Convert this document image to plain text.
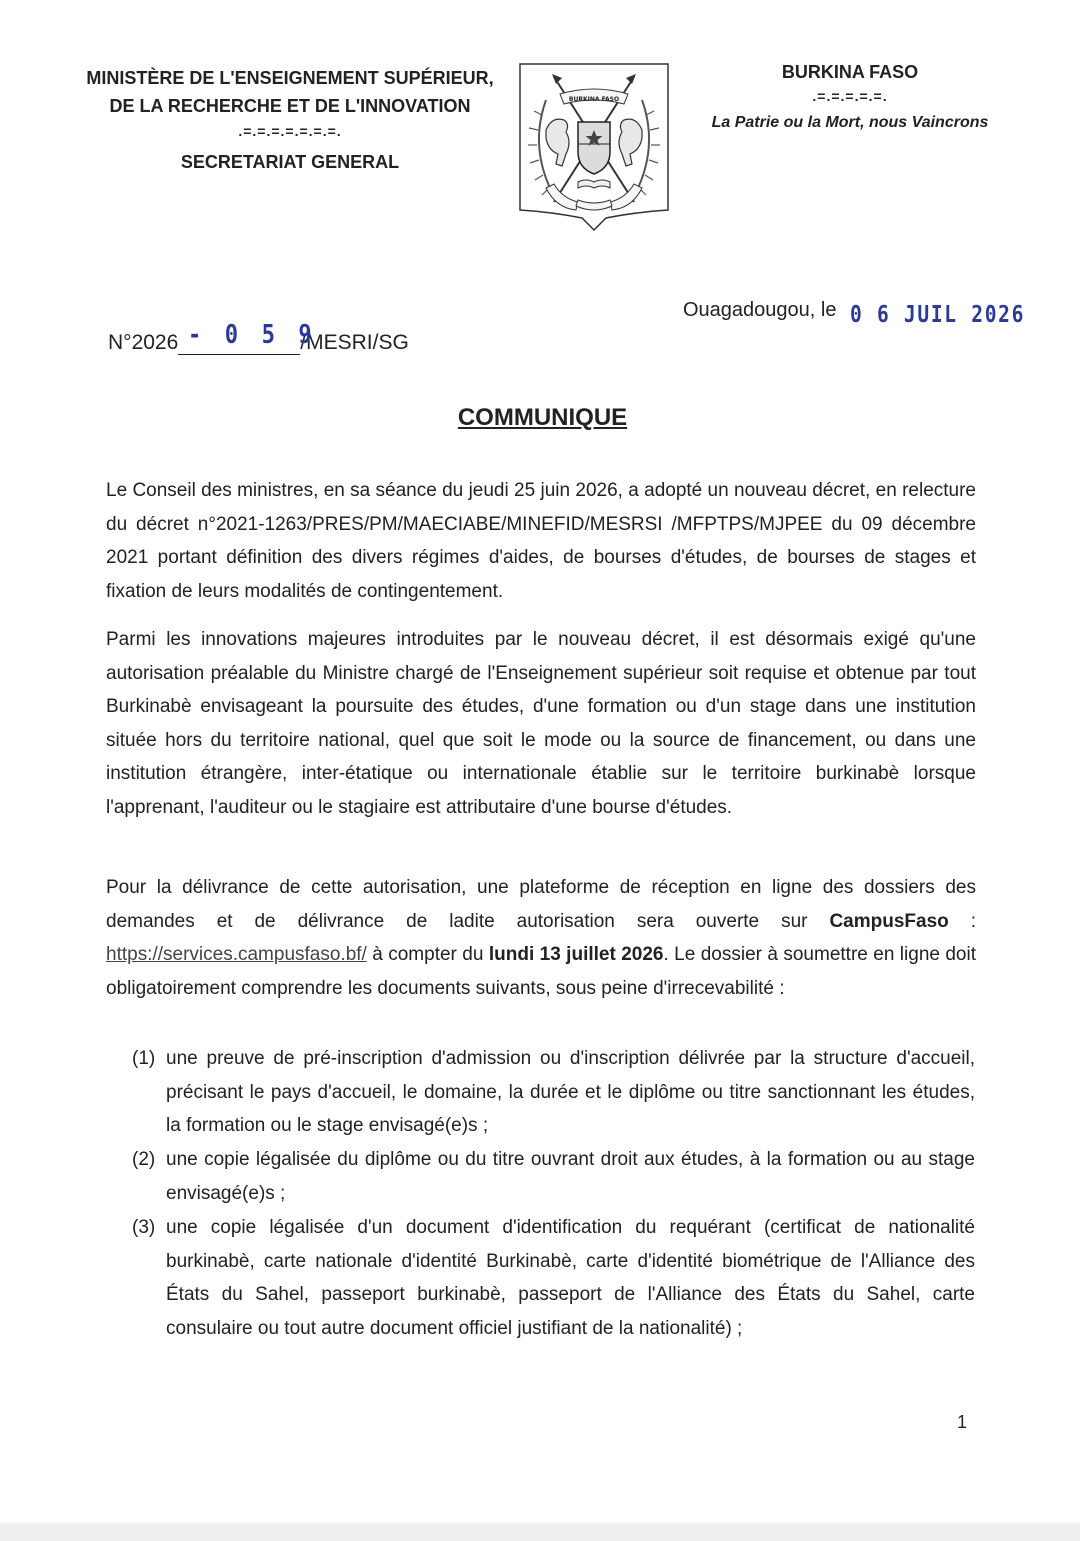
MINISTÈRE DE L'ENSEIGNEMENT SUPÉRIEUR,
DE LA RECHERCHE ET DE L'INNOVATION
.=.=.=.=.=.=.=.
SECRETARIAT GENERAL
BURKINA FASO
BURKINA FASO
.=.=.=.=.=.
La Patrie ou la Mort, nous Vaincrons
Ouagadougou, le 0 6 JUIL 2026
N°2026 - 0 5 9
/MESRI/SG
COMMUNIQUE
Le Conseil des ministres, en sa séance du jeudi 25 juin 2026, a adopté un nouveau décret, en relecture du décret n°2021-1263/PRES/PM/MAECIABE/MINEFID/MESRSI /MFPTPS/MJPEE du 09 décembre 2021 portant définition des divers régimes d'aides, de bourses d'études, de bourses de stages et fixation de leurs modalités de contingentement.
Parmi les innovations majeures introduites par le nouveau décret, il est désormais exigé qu'une autorisation préalable du Ministre chargé de l'Enseignement supérieur soit requise et obtenue par tout Burkinabè envisageant la poursuite des études, d'une formation ou d'un stage dans une institution située hors du territoire national, quel que soit le mode ou la source de financement, ou dans une institution étrangère, inter-étatique ou internationale établie sur le territoire burkinabè lorsque l'apprenant, l'auditeur ou le stagiaire est attributaire d'une bourse d'études.
Pour la délivrance de cette autorisation, une plateforme de réception en ligne des dossiers des demandes et de délivrance de ladite autorisation sera ouverte sur CampusFaso : https://services.campusfaso.bf/ à compter du lundi 13 juillet 2026. Le dossier à soumettre en ligne doit obligatoirement comprendre les documents suivants, sous peine d'irrecevabilité :
(1) une preuve de pré-inscription d'admission ou d'inscription délivrée par la structure d'accueil, précisant le pays d'accueil, le domaine, la durée et le diplôme ou titre sanctionnant les études, la formation ou le stage envisagé(e)s ;
(2) une copie légalisée du diplôme ou du titre ouvrant droit aux études, à la formation ou au stage envisagé(e)s ;
(3) une copie légalisée d'un document d'identification du requérant (certificat de nationalité burkinabè, carte nationale d'identité Burkinabè, carte d'identité biométrique de l'Alliance des États du Sahel, passeport burkinabè, passeport de l'Alliance des États du Sahel, carte consulaire ou tout autre document officiel justifiant de la nationalité) ;
1
